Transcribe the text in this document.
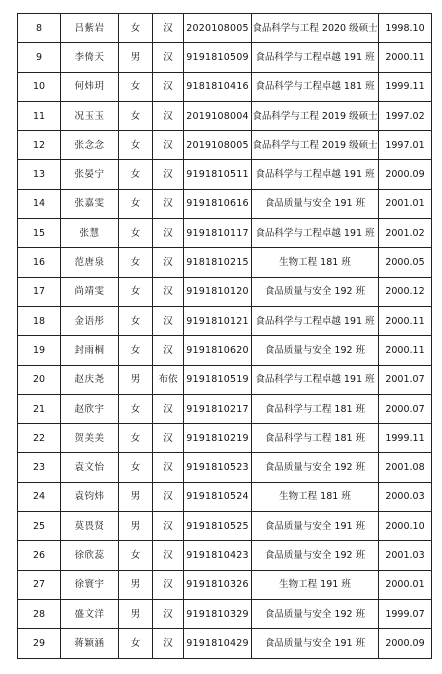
8	吕紫岩	女	汉	2020108005	食品科学与工程 2020 级硕士	1998.10
9	李倚天	男	汉	9191810509	食品科学与工程卓越 191 班	2000.11
10	何炜玥	女	汉	9181810416	食品科学与工程卓越 181 班	1999.11
11	况玉玉	女	汉	2019108004	食品科学与工程 2019 级硕士	1997.02
12	张念念	女	汉	2019108005	食品科学与工程 2019 级硕士	1997.01
13	张晏宁	女	汉	9191810511	食品科学与工程卓越 191 班	2000.09
14	张嘉雯	女	汉	9191810616	食品质量与安全 191 班	2001.01
15	张慧	女	汉	9191810117	食品科学与工程卓越 191 班	2001.02
16	范唐泉	女	汉	9181810215	生物工程 181 班	2000.05
17	尚靖雯	女	汉	9191810120	食品质量与安全 192 班	2000.12
18	金语彤	女	汉	9191810121	食品科学与工程卓越 191 班	2000.11
19	封雨桐	女	汉	9191810620	食品质量与安全 192 班	2000.11
20	赵庆尧	男	布依	9191810519	食品科学与工程卓越 191 班	2001.07
21	赵欣宇	女	汉	9191810217	食品科学与工程 181 班	2000.07
22	贺美美	女	汉	9191810219	食品科学与工程 181 班	1999.11
23	袁文怡	女	汉	9191810523	食品质量与安全 192 班	2001.08
24	袁钧炜	男	汉	9191810524	生物工程 181 班	2000.03
25	莫畏贤	男	汉	9191810525	食品质量与安全 191 班	2000.10
26	徐欣蕊	女	汉	9191810423	食品质量与安全 192 班	2001.03
27	徐寰宇	男	汉	9191810326	生物工程 191 班	2000.01
28	盛文洋	男	汉	9191810329	食品质量与安全 192 班	1999.07
29	蒋颖涵	女	汉	9191810429	食品质量与安全 191 班	2000.09
